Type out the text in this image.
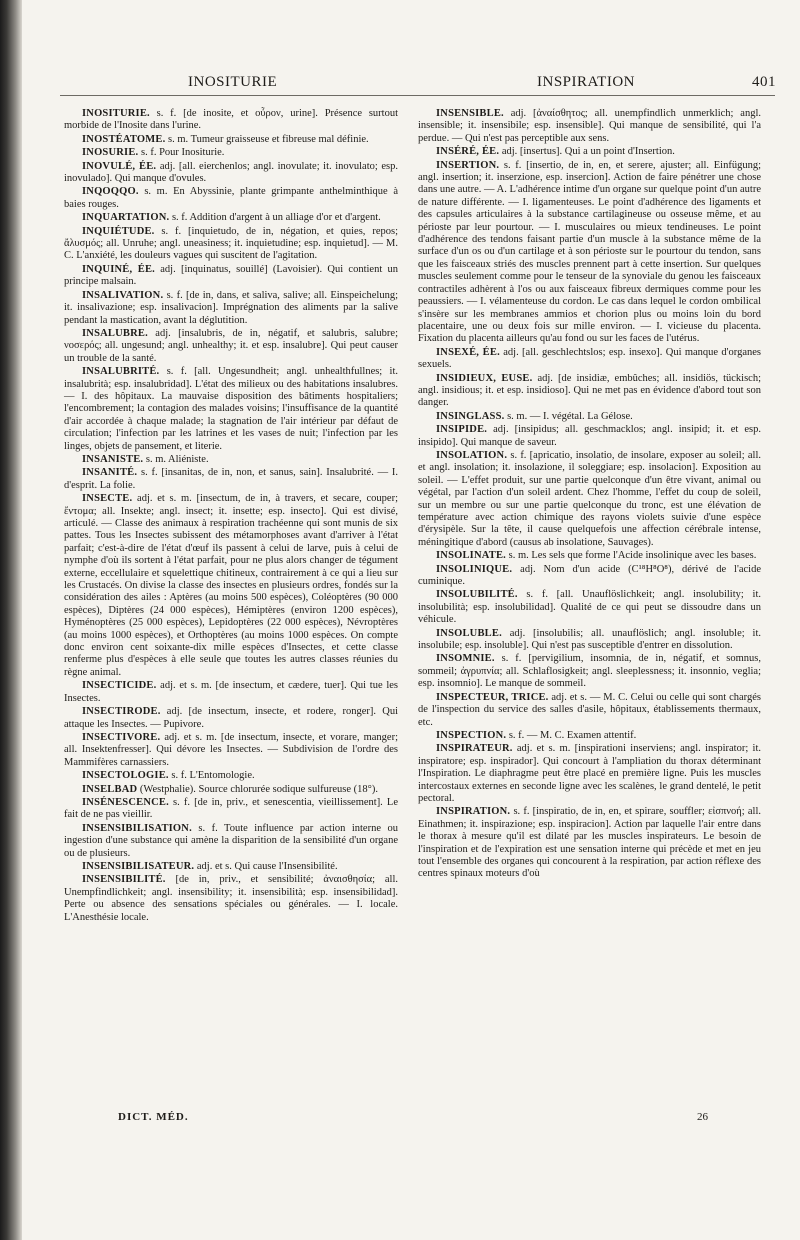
INOSITURIE	INSPIRATION	401

INOSITURIE. s. f. [de inosite, et οὖρον, urine]. Présence surtout morbide de l'Inosite dans l'urine.

INOSTÉATOME. s. m. Tumeur graisseuse et fibreuse mal définie.

INOSURIE. s. f. Pour Inositurie.

INOVULÉ, ÉE. adj. [all. eierchenlos; angl. inovulate; it. inovulato; esp. inovulado]. Qui manque d'ovules.

INQOQQO. s. m. En Abyssinie, plante grimpante anthelminthique à baies rouges.

INQUARTATION. s. f. Addition d'argent à un alliage d'or et d'argent.

INQUIÉTUDE. s. f. [inquietudo, de in, négation, et quies, repos; ἄλυσμός; all. Unruhe; angl. uneasiness; it. inquietudine; esp. inquietud]. — M. C. L'anxiété, les douleurs vagues qui suscitent de l'agitation.

INQUINÉ, ÉE. adj. [inquinatus, souillé] (Lavoisier). Qui contient un principe malsain.

INSALIVATION. s. f. [de in, dans, et saliva, salive; all. Einspeichelung; it. insalivazione; esp. insalivacion]. Imprégnation des aliments par la salive pendant la mastication, avant la déglutition.

INSALUBRE. adj. [insalubris, de in, négatif, et salubris, salubre; νοσερός; all. ungesund; angl. unhealthy; it. et esp. insalubre]. Qui peut causer un trouble de la santé.

INSALUBRITÉ. s. f. [all. Ungesundheit; angl. unhealthfullnes; it. insalubrità; esp. insalubridad]. L'état des milieux ou des habitations insalubres. — I. des hôpitaux. La mauvaise disposition des bâtiments hospitaliers; l'encombrement; la contagion des malades voisins; l'insuffisance de la quantité d'air accordée à chaque malade; la stagnation de l'air intérieur par défaut de circulation; l'infection par les latrines et les vases de nuit; l'infection par les linges, objets de pansement, et literie.

INSANISTE. s. m. Aliéniste.

INSANITÉ. s. f. [insanitas, de in, non, et sanus, sain]. Insalubrité. — I. d'esprit. La folie.

INSECTE. adj. et s. m. [insectum, de in, à travers, et secare, couper; ἔντομα; all. Insekte; angl. insect; it. insette; esp. insecto]. Qui est divisé, articulé. — Classe des animaux à respiration trachéenne qui sont munis de six pattes. Tous les Insectes subissent des métamorphoses avant d'arriver à l'état parfait; c'est-à-dire de l'état d'œuf ils passent à celui de larve, puis à celui de nymphe d'où ils sortent à l'état parfait, pour ne plus alors changer de tégument externe, eccellulaire et squelettique chitineux, contrairement à ce qui a lieu sur les Crustacés. On divise la classe des insectes en plusieurs ordres, fondés sur la considération des ailes : Aptères (au moins 500 espèces), Coléoptères (90 000 espèces), Diptères (24 000 espèces), Hémiptères (environ 1200 espèces), Hyménoptères (25 000 espèces), Lepidoptères (22 000 espèces), Névroptères (au moins 1000 espèces), et Orthoptères (au moins 1000 espèces. On compte donc environ cent soixante-dix mille espèces d'Insectes, et cette classe renferme plus d'espèces à elle seule que toutes les autres classes réunies du règne animal.

INSECTICIDE. adj. et s. m. [de insectum, et cædere, tuer]. Qui tue les Insectes.

INSECTIRODE. adj. [de insectum, insecte, et rodere, ronger]. Qui attaque les Insectes. — Pupivore.

INSECTIVORE. adj. et s. m. [de insectum, insecte, et vorare, manger; all. Insektenfresser]. Qui dévore les Insectes. — Subdivision de l'ordre des Mammifères carnassiers.

INSECTOLOGIE. s. f. L'Entomologie.

INSELBAD (Westphalie). Source chlorurée sodique sulfureuse (18°).

INSÉNESCENCE. s. f. [de in, priv., et senescentia, vieillissement]. Le fait de ne pas vieillir.

INSENSIBILISATION. s. f. Toute influence par action interne ou ingestion d'une substance qui amène la disparition de la sensibilité d'un organe ou de plusieurs.

INSENSIBILISATEUR. adj. et s. Qui cause l'Insensibilité.

INSENSIBILITÉ. [de in, priv., et sensibilité; ἀναισθησία; all. Unempfindlichkeit; angl. insensibility; it. insensibilità; esp. insensibilidad]. Perte ou absence des sensations spéciales ou générales. — I. locale. L'Anesthésie locale.

INSENSIBLE. adj. [ἀναίσθητος; all. unempfindlich unmerklich; angl. insensible; it. insensibile; esp. insensible]. Qui manque de sensibilité, qui l'a perdue. — Qui n'est pas perceptible aux sens.

INSÉRÉ, ÉE. adj. [insertus]. Qui a un point d'Insertion.

INSERTION. s. f. [insertio, de in, en, et serere, ajuster; all. Einfügung; angl. insertion; it. inserzione, esp. insercion]. Action de faire pénétrer une chose dans une autre. — A. L'adhérence intime d'un organe sur quelque point d'un autre de nature différente. — I. ligamenteuses. Le point d'adhérence des ligaments et des capsules articulaires à la substance cartilagineuse ou osseuse même, et au périoste par leur pourtour. — I. musculaires ou mieux tendineuses. Le point d'adhérence des tendons faisant partie d'un muscle à la substance même de la surface d'un os ou d'un cartilage et à son périoste sur le pourtour du tendon, sans que les faisceaux striés des muscles prennent part à cette insertion. Sur quelques muscles seulement comme pour le tenseur de la synoviale du genou les faisceaux contractiles adhèrent à l'os ou aux faisceaux fibreux dermiques comme pour les peaussiers. — I. vélamenteuse du cordon. Le cas dans lequel le cordon ombilical s'insère sur les membranes ammios et chorion plus ou moins loin du bord placentaire, une ou deux fois sur mille environ. — I. vicieuse du placenta. Fixation du placenta ailleurs qu'au fond ou sur les faces de l'utérus.

INSEXÉ, ÉE. adj. [all. geschlechtslos; esp. insexo]. Qui manque d'organes sexuels.

INSIDIEUX, EUSE. adj. [de insidiæ, embûches; all. insidiös, tückisch; angl. insidious; it. et esp. insidioso]. Qui ne met pas en évidence d'abord tout son danger.

INSINGLASS. s. m. — I. végétal. La Gélose.

INSIPIDE. adj. [insipidus; all. geschmacklos; angl. insipid; it. et esp. insipido]. Qui manque de saveur.

INSOLATION. s. f. [apricatio, insolatio, de insolare, exposer au soleil; all. et angl. insolation; it. insolazione, il soleggiare; esp. insolacion]. Exposition au soleil. — L'effet produit, sur une partie quelconque d'un être vivant, animal ou végétal, par l'action d'un soleil ardent. Chez l'homme, l'effet du coup de soleil, sur un membre ou sur une partie quelconque du tronc, est une élévation de température avec action chimique des rayons violets suivie d'une espèce d'érysipèle. Sur la tête, il cause quelquefois une affection cérébrale intense, méningitique d'abord (causus ab insolatione, Sauvages).

INSOLINATE. s. m. Les sels que forme l'Acide insolinique avec les bases.

INSOLINIQUE. adj. Nom d'un acide (C¹⁸H⁸O⁸), dérivé de l'acide cuminique.

INSOLUBILITÉ. s. f. [all. Unauflöslichkeit; angl. insolubility; it. insolubilità; esp. insolubilidad]. Qualité de ce qui peut se dissoudre dans un véhicule.

INSOLUBLE. adj. [insolubilis; all. unauflöslich; angl. insoluble; it. insolubile; esp. insoluble]. Qui n'est pas susceptible d'entrer en dissolution.

INSOMNIE. s. f. [pervigilium, insomnia, de in, négatif, et somnus, sommeil; ἀγρυπνία; all. Schlaflosigkeit; angl. sleeplessness; it. insonnio, veglia; esp. insomnio]. Le manque de sommeil.

INSPECTEUR, TRICE. adj. et s. — M. C. Celui ou celle qui sont chargés de l'inspection du service des salles d'asile, hôpitaux, établissements thermaux, etc.

INSPECTION. s. f. — M. C. Examen attentif.

INSPIRATEUR. adj. et s. m. [inspirationi inserviens; angl. inspirator; it. inspiratore; esp. inspirador]. Qui concourt à l'ampliation du thorax déterminant l'Inspiration. Le diaphragme peut être placé en première ligne. Puis les muscles intercostaux externes en seconde ligne avec les scalènes, le grand dentelé, le petit pectoral.

INSPIRATION. s. f. [inspiratio, de in, en, et spirare, souffler; εἰσπνοή; all. Einathmen; it. inspirazione; esp. inspiracion]. Action par laquelle l'air entre dans le thorax à mesure qu'il est dilaté par les muscles inspirateurs. Le besoin de l'inspiration et de l'expiration est une sensation interne qui précède et met en jeu tout l'ensemble des organes qui concourent à la respiration, par action réflexe des centres spinaux moteurs d'où

DICT. MÉD.	26
